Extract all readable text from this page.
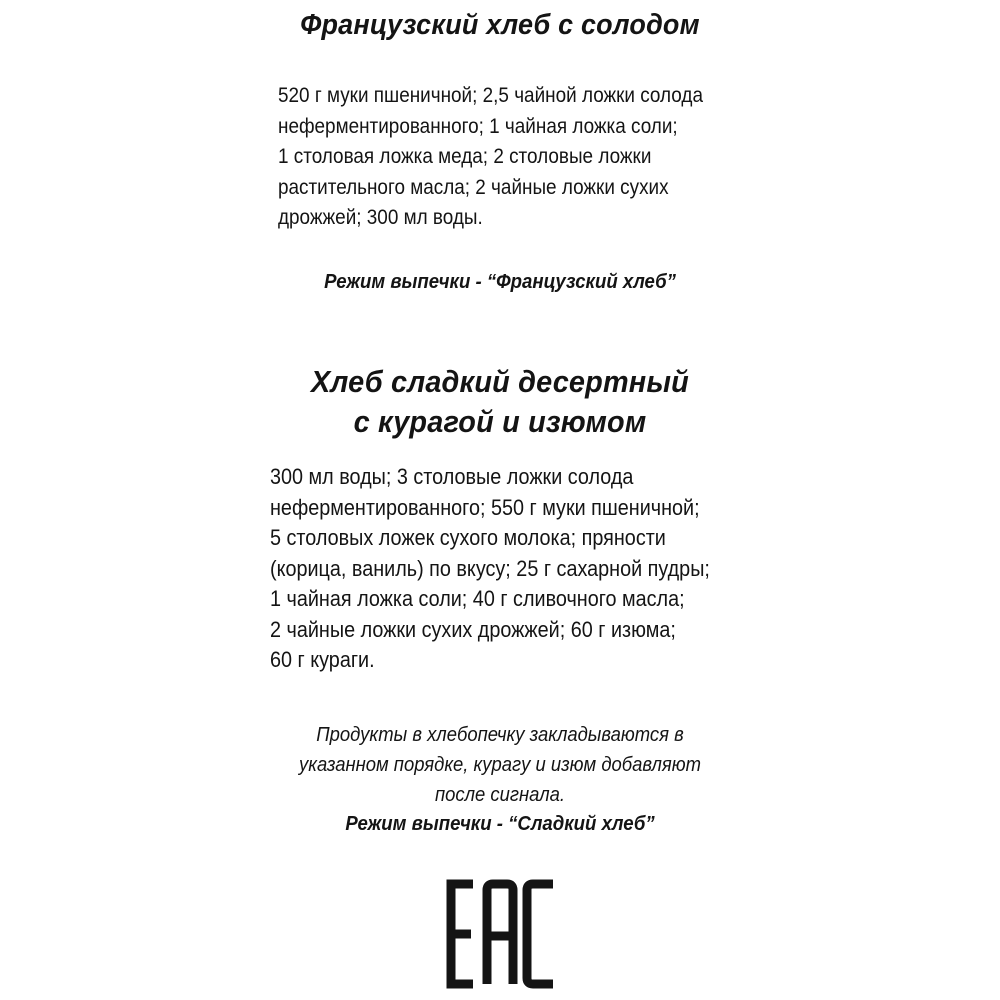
Французский хлеб с солодом

520 г муки пшеничной; 2,5 чайной ложки солода
неферментированного; 1 чайная ложка соли;
1 столовая ложка меда; 2 столовые ложки
растительного масла; 2 чайные ложки сухих
дрожжей; 300 мл воды.

Режим выпечки - “Французский хлеб”

Хлеб сладкий десертный
с курагой и изюмом

300 мл воды; 3 столовые ложки солода
неферментированного; 550 г муки пшеничной;
5 столовых ложек сухого молока; пряности
(корица, ваниль) по вкусу; 25 г сахарной пудры;
1 чайная ложка соли; 40 г сливочного масла;
2 чайные ложки сухих дрожжей; 60 г изюма;
60 г кураги.

Продукты в хлебопечку закладываются в
указанном порядке, курагу и изюм добавляют
после сигнала.

Режим выпечки - “Сладкий хлеб”
